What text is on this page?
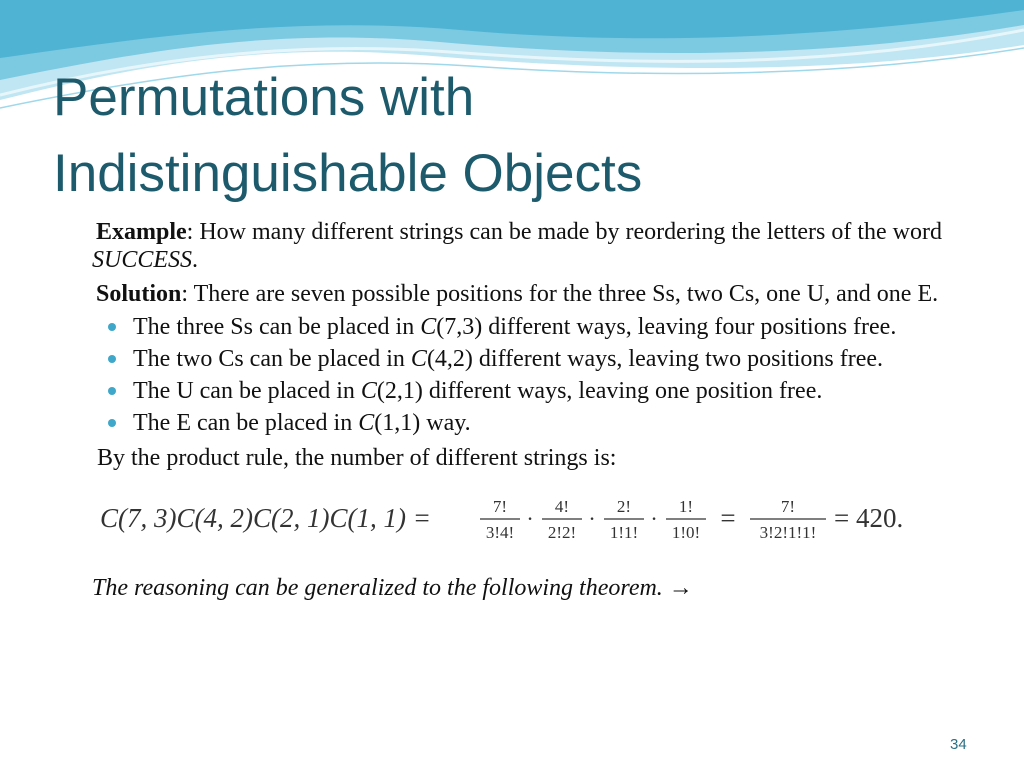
Permutations with
Indistinguishable Objects

Example: How many different strings can be made by reordering the letters of the word SUCCESS.

Solution: There are seven possible positions for the three Ss, two Cs, one U, and one E.

The three Ss can be placed in C(7,3) different ways, leaving four positions free.
The two Cs can be placed in C(4,2) different ways, leaving two positions free.
The U can be placed in C(2,1) different ways, leaving one position free.
The E can be placed in C(1,1) way.

By the product rule, the number of different strings is:

C(7, 3)C(4, 2)C(2, 1)C(1, 1) =	7!
3!4!
· 4!
2!2!
· 2!
1!1!
· 1!
1!0! =	7!
3!2!1!1! = 420.

The reasoning can be generalized to the following theorem. →

34
